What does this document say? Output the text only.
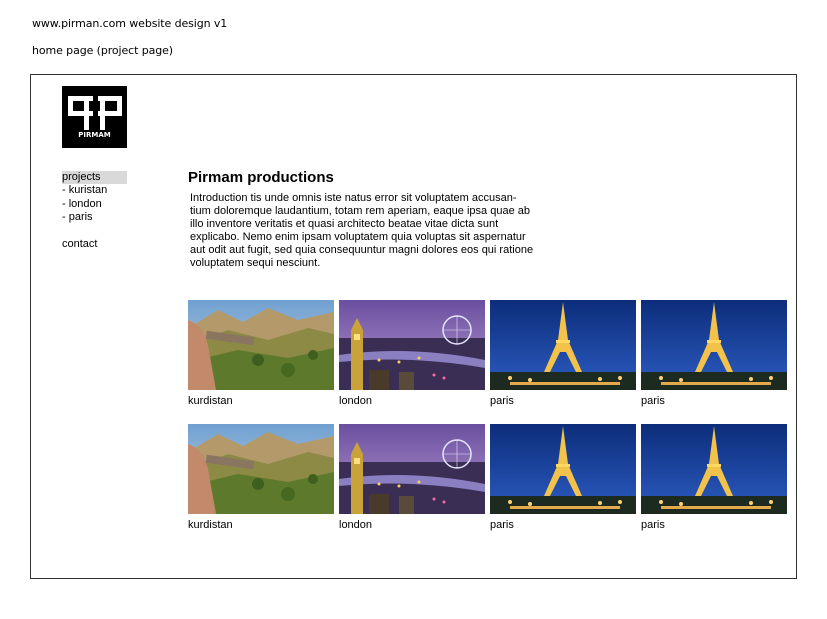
www.pirman.com website design v1
home page (project page)
PIRMAM
projects
- kuristan
- london
- paris
contact
Pirmam productions

Introduction tis unde omnis iste natus error sit voluptatem accusan- tium doloremque laudantium, totam rem aperiam, eaque ipsa quae ab illo inventore veritatis et quasi architecto beatae vitae dicta sunt explicabo. Nemo enim ipsam voluptatem quia voluptas sit aspernatur aut odit aut fugit, sed quia consequuntur magni dolores eos qui ratione voluptatem sequi nesciunt.

kurdistan	london	paris	paris
kurdistan	london	paris	paris
